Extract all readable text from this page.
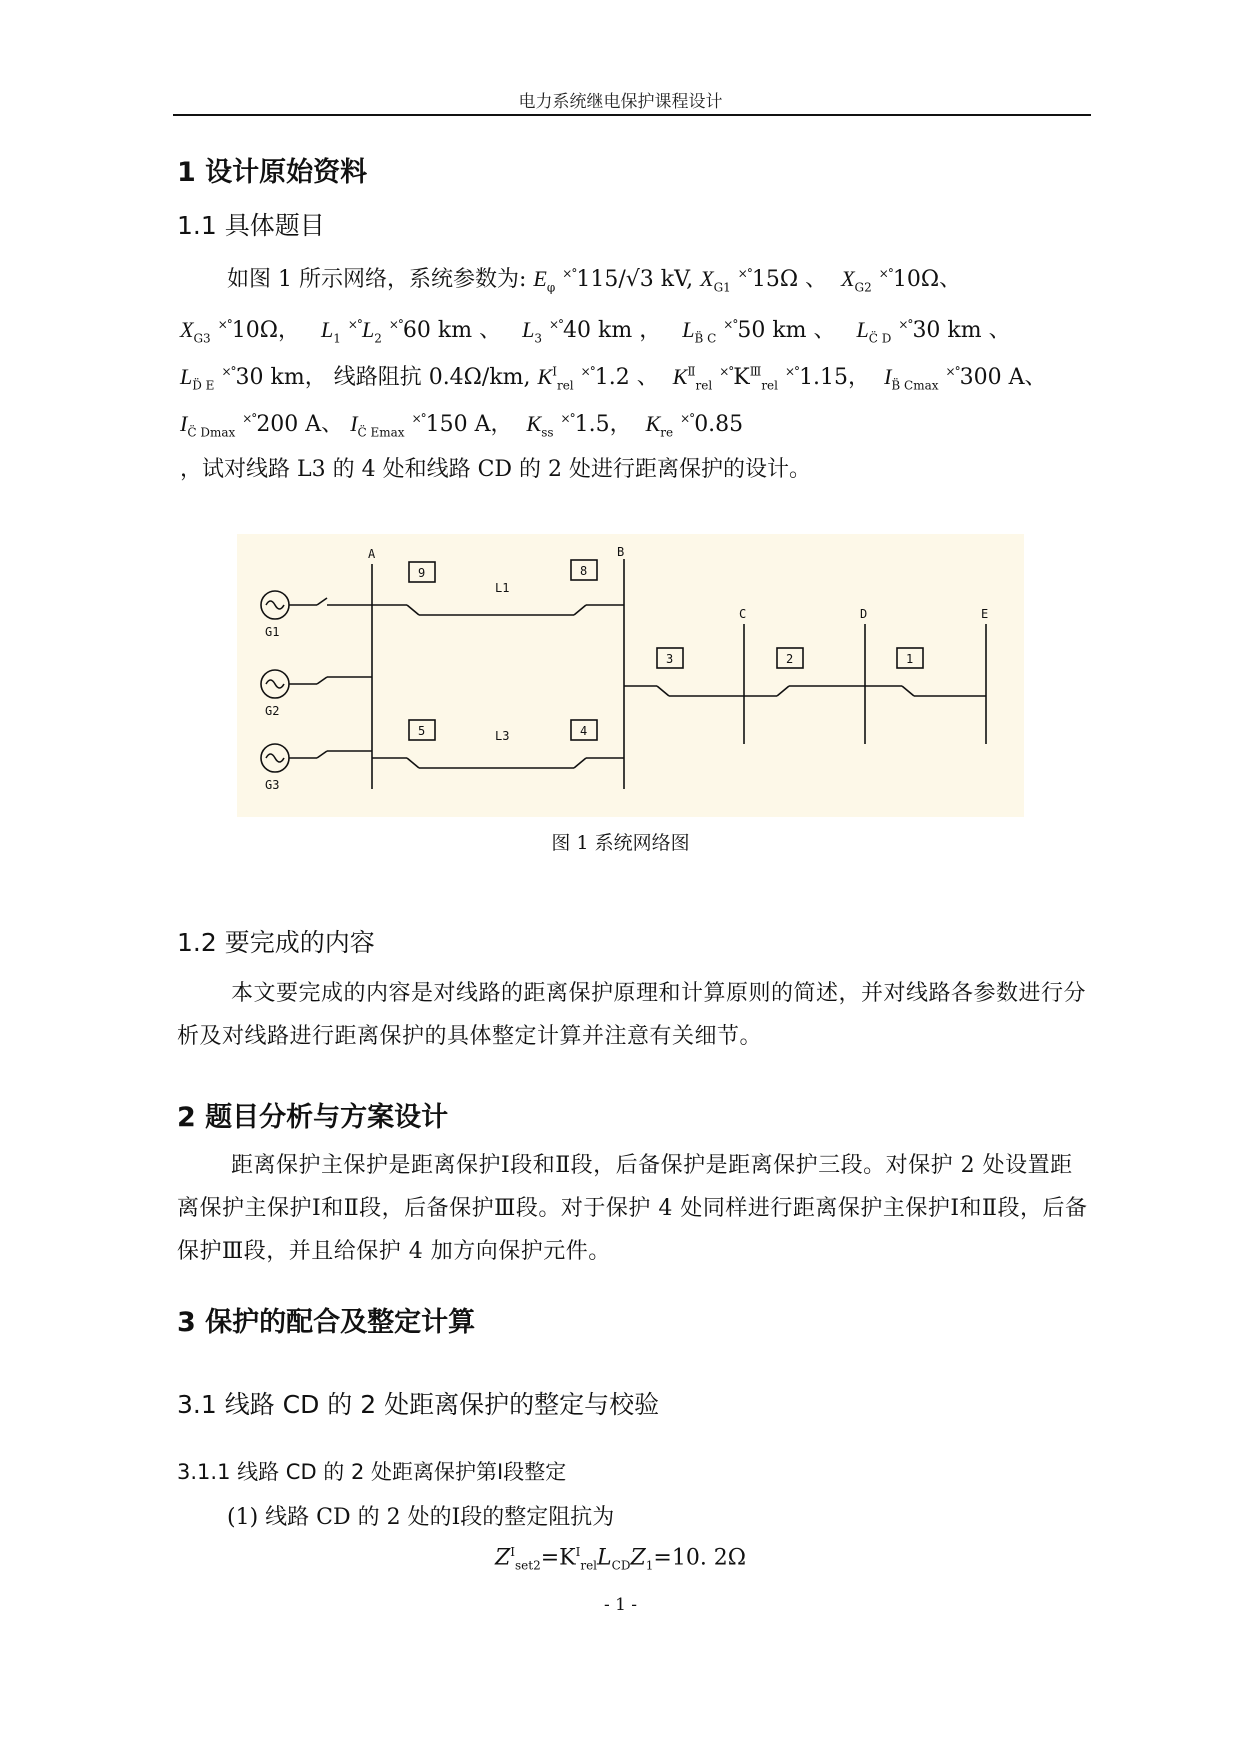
电力系统继电保护课程设计
1 设计原始资料
1.1 具体题目
如图 1 所示网络，系统参数为: $E_\varphi$ ×°115/√3 kV, $X_{G1}$ ×°15Ω 、 $X_{G2}$ ×°10Ω、
$X_{G3}$ ×°10Ω， $L_1$ $^{\times^\circ}L_2$ ×°60 km 、 $L_3$ ×°40 km ， $L_{B̈ C}$ ×°50 km 、 $L_{C̈ D}$ ×°30 km 、
$L_{D̈ E}$ ×°30 km， 线路阻抗 0.4Ω/km, $K^I_{rel}$ ×°1.2 、 $K^Ⅱ_{rel}$ $^{\times^\circ}K^Ⅲ_{rel}$ ×°1.15， $I_{B̈ Cmax}$ ×°300 A、
$I_{C̈ Dmax}$ ×°200 A、 $I_{C̈ Emax}$ ×°150 A， $K_{ss}$ ×°1.5， $K_{re}$ ×°0.85
，试对线路 L3 的 4 处和线路 CD 的 2 处进行距离保护的设计。
A	B
C	D	E
G1
G2
G3
L1
L3
9	8
5	4
3	2	1
图 1 系统网络图
1.2 要完成的内容
本文要完成的内容是对线路的距离保护原理和计算原则的简述，并对线路各参数进行分析及对线路进行距离保护的具体整定计算并注意有关细节。
2 题目分析与方案设计
距离保护主保护是距离保护Ⅰ段和Ⅱ段，后备保护是距离保护三段。对保护 2 处设置距离保护主保护Ⅰ和Ⅱ段，后备保护Ⅲ段。对于保护 4 处同样进行距离保护主保护Ⅰ和Ⅱ段，后备保护Ⅲ段，并且给保护 4 加方向保护元件。
3 保护的配合及整定计算
3.1 线路 CD 的 2 处距离保护的整定与校验
3.1.1 线路 CD 的 2 处距离保护第Ⅰ段整定
(1) 线路 CD 的 2 处的Ⅰ段的整定阻抗为
$Z^I_{set2}=K^I_{rel}L_{CD}Z_1=10$. 2Ω
- 1 -
